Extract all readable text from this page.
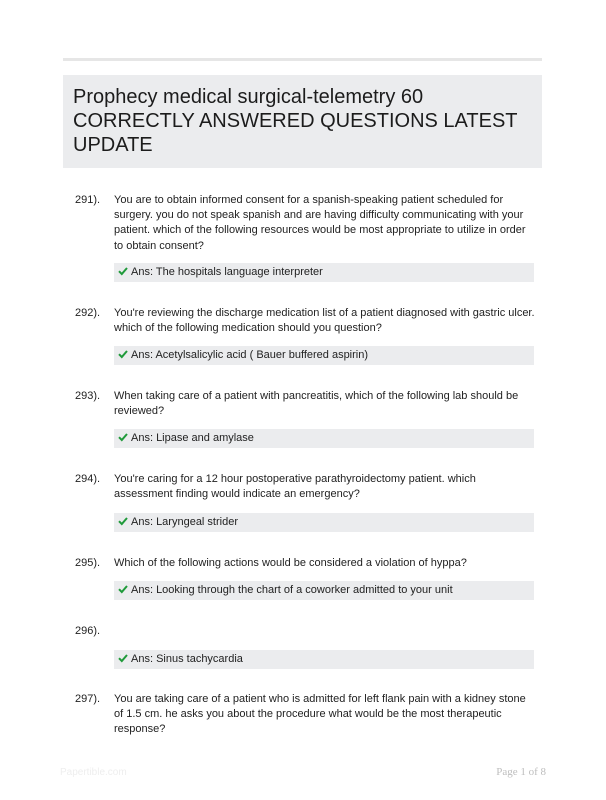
Prophecy medical surgical-telemetry 60 CORRECTLY ANSWERED QUESTIONS LATEST UPDATE

291). You are to obtain informed consent for a spanish-speaking patient scheduled for surgery. you do not speak spanish and are having difficulty communicating with your patient. which of the following resources would be most appropriate to utilize in order to obtain consent?
Ans: The hospitals language interpreter
292). You're reviewing the discharge medication list of a patient diagnosed with gastric ulcer. which of the following medication should you question?
Ans: Acetylsalicylic acid ( Bauer buffered aspirin)
293). When taking care of a patient with pancreatitis, which of the following lab should be reviewed?
Ans: Lipase and amylase
294). You're caring for a 12 hour postoperative parathyroidectomy patient. which assessment finding would indicate an emergency?
Ans: Laryngeal strider
295). Which of the following actions would be considered a violation of hyppa?
Ans: Looking through the chart of a coworker admitted to your unit
296).
Ans: Sinus tachycardia
297). You are taking care of a patient who is admitted for left flank pain with a kidney stone of 1.5 cm. he asks you about the procedure what would be the most therapeutic response?
Papertible.com	Page 1 of 8
